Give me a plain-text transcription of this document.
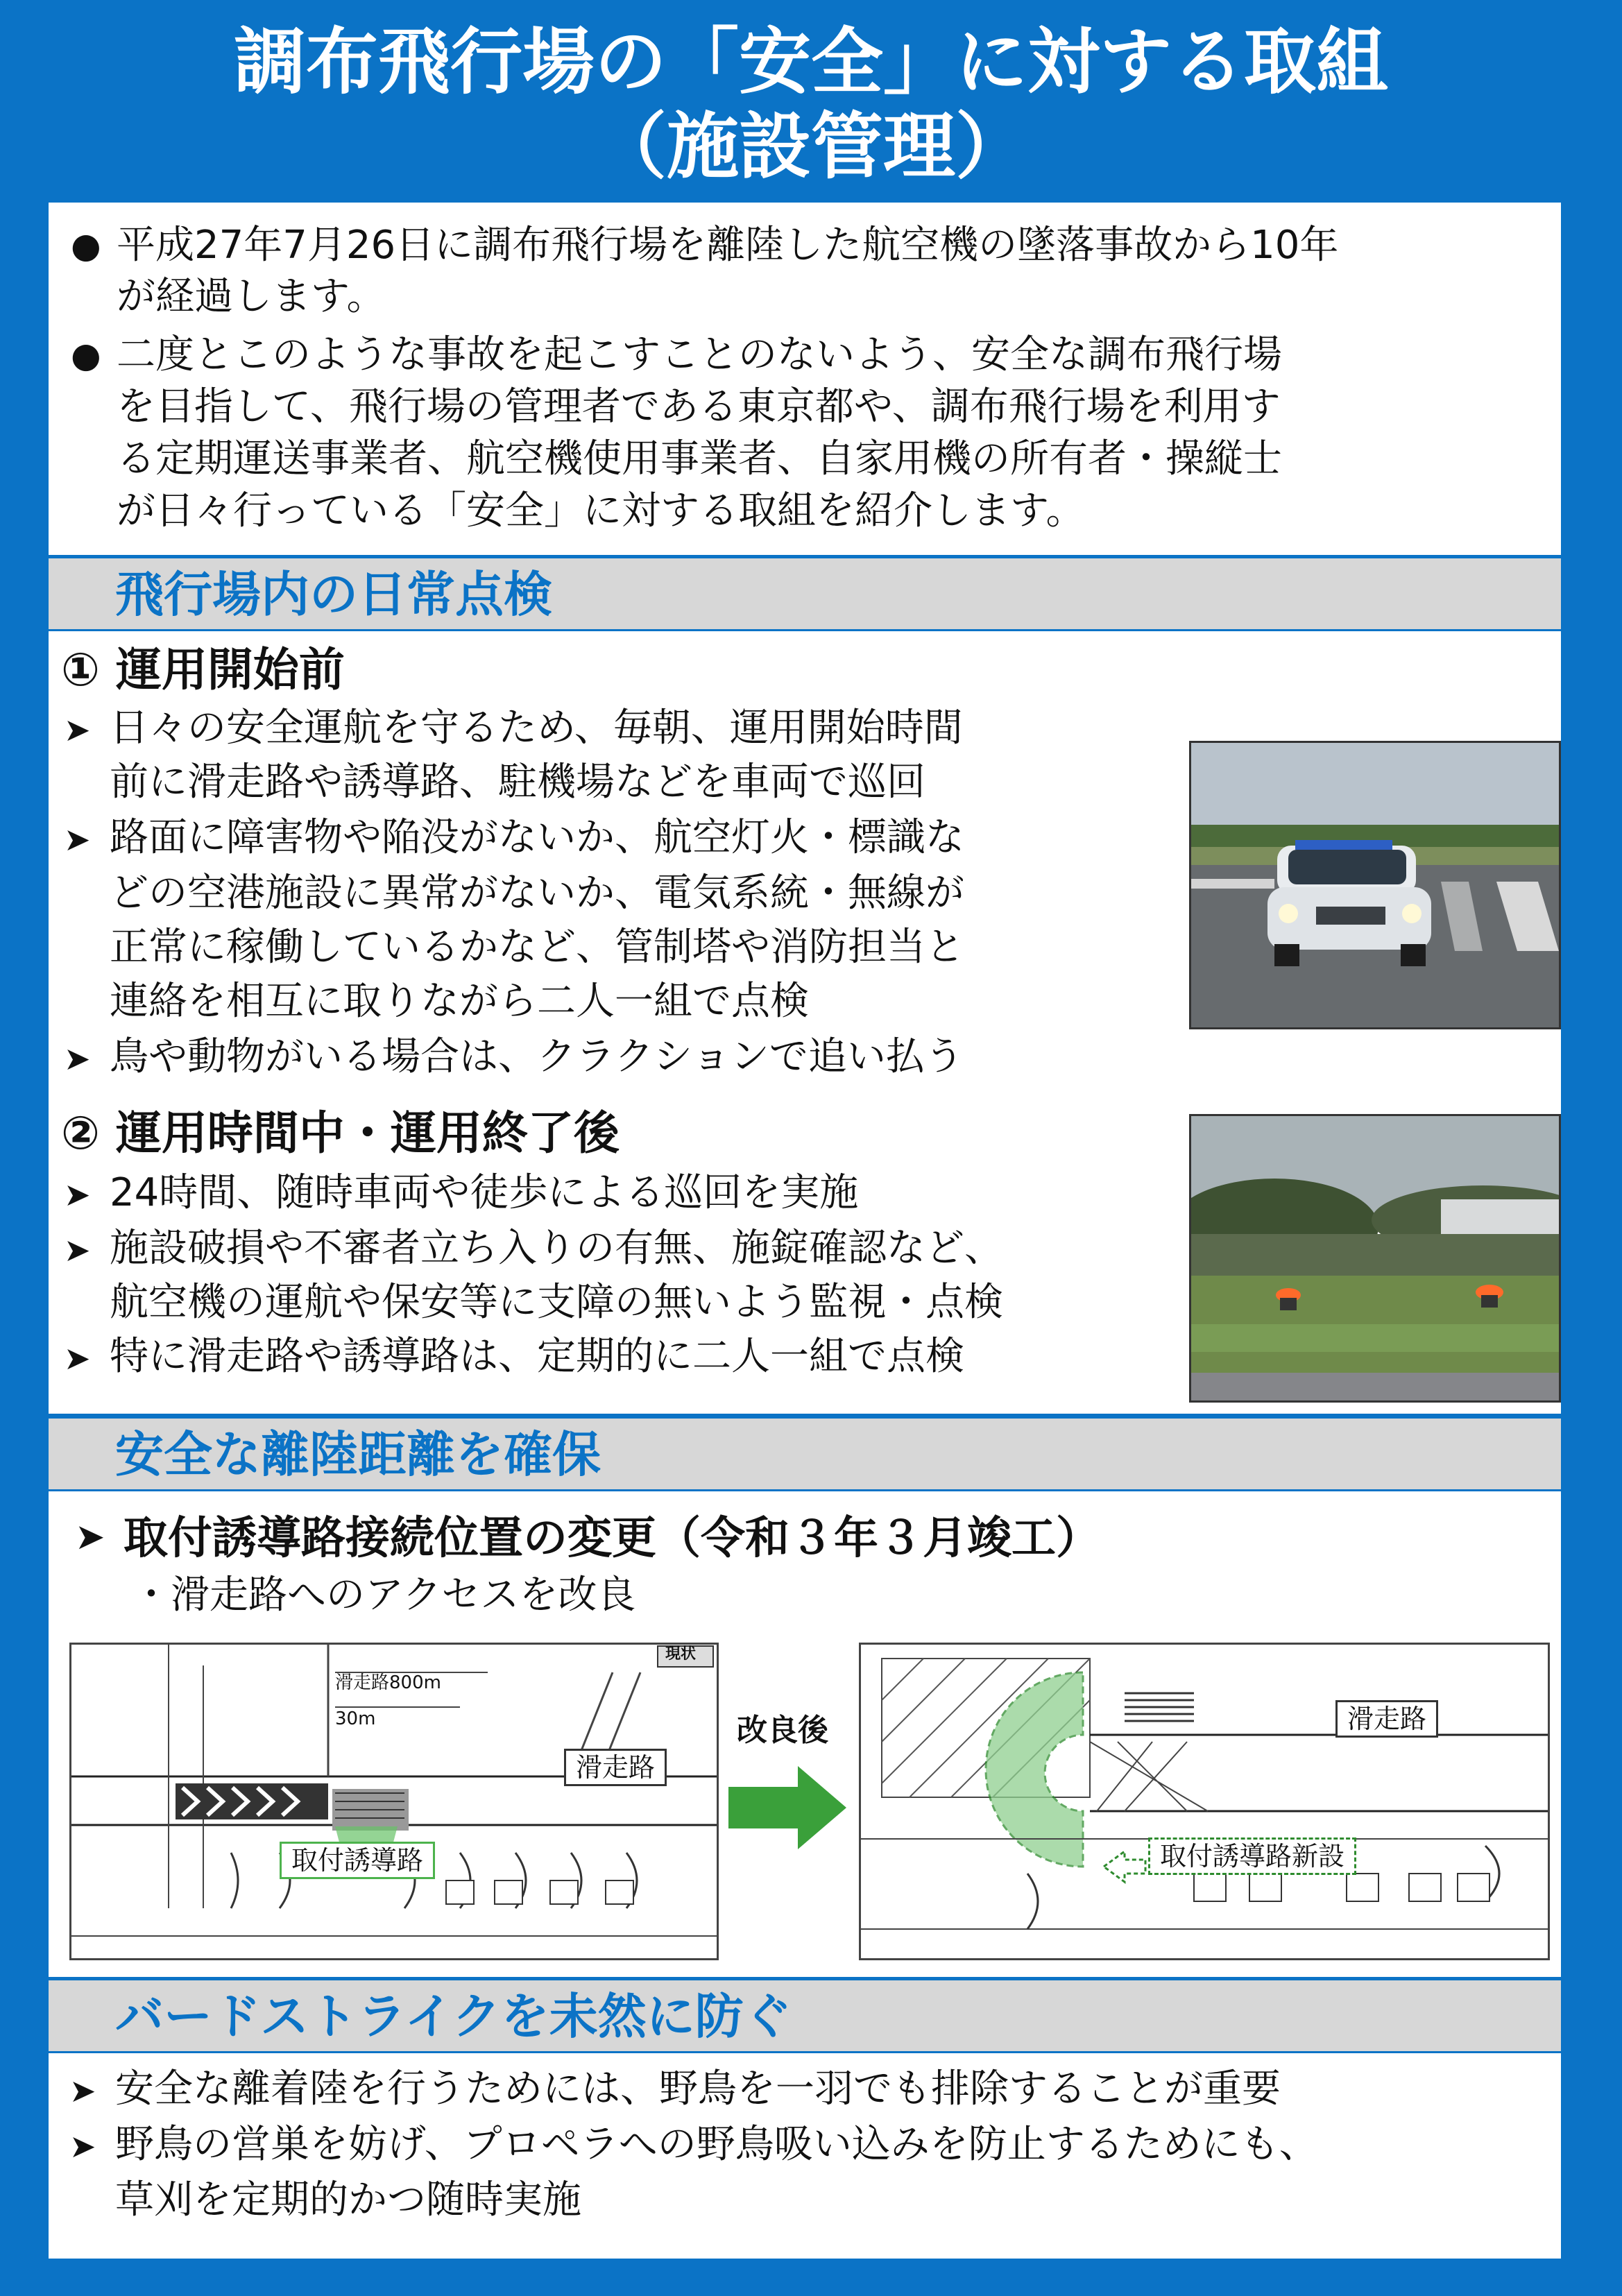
調布飛行場の「安全」に対する取組
（施設管理）
● 平成27年7月26日に調布飛行場を離陸した航空機の墜落事故から10年
が経過します。
● 二度とこのような事故を起こすことのないよう、安全な調布飛行場
を目指して、飛行場の管理者である東京都や、調布飛行場を利用す
る定期運送事業者、航空機使用事業者、自家用機の所有者・操縦士
が日々行っている「安全」に対する取組を紹介します。
飛行場内の日常点検
① 運用開始前
➤ 日々の安全運航を守るため、毎朝、運用開始時間
前に滑走路や誘導路、駐機場などを車両で巡回
➤ 路面に障害物や陥没がないか、航空灯火・標識な
どの空港施設に異常がないか、電気系統・無線が
正常に稼働しているかなど、管制塔や消防担当と
連絡を相互に取りながら二人一組で点検
➤ 鳥や動物がいる場合は、クラクションで追い払う
② 運用時間中・運用終了後
➤ 24時間、随時車両や徒歩による巡回を実施
➤ 施設破損や不審者立ち入りの有無、施錠確認など、
航空機の運航や保安等に支障の無いよう監視・点検
➤ 特に滑走路や誘導路は、定期的に二人一組で点検
安全な離陸距離を確保
➤ 取付誘導路接続位置の変更（令和３年３月竣工）
・滑走路へのアクセスを改良
現状
滑走路800m
30m
滑走路
取付誘導路
改良後	滑走路
取付誘導路新設
バードストライクを未然に防ぐ
➤ 安全な離着陸を行うためには、野鳥を一羽でも排除することが重要
➤ 野鳥の営巣を妨げ、プロペラへの野鳥吸い込みを防止するためにも、
草刈を定期的かつ随時実施
